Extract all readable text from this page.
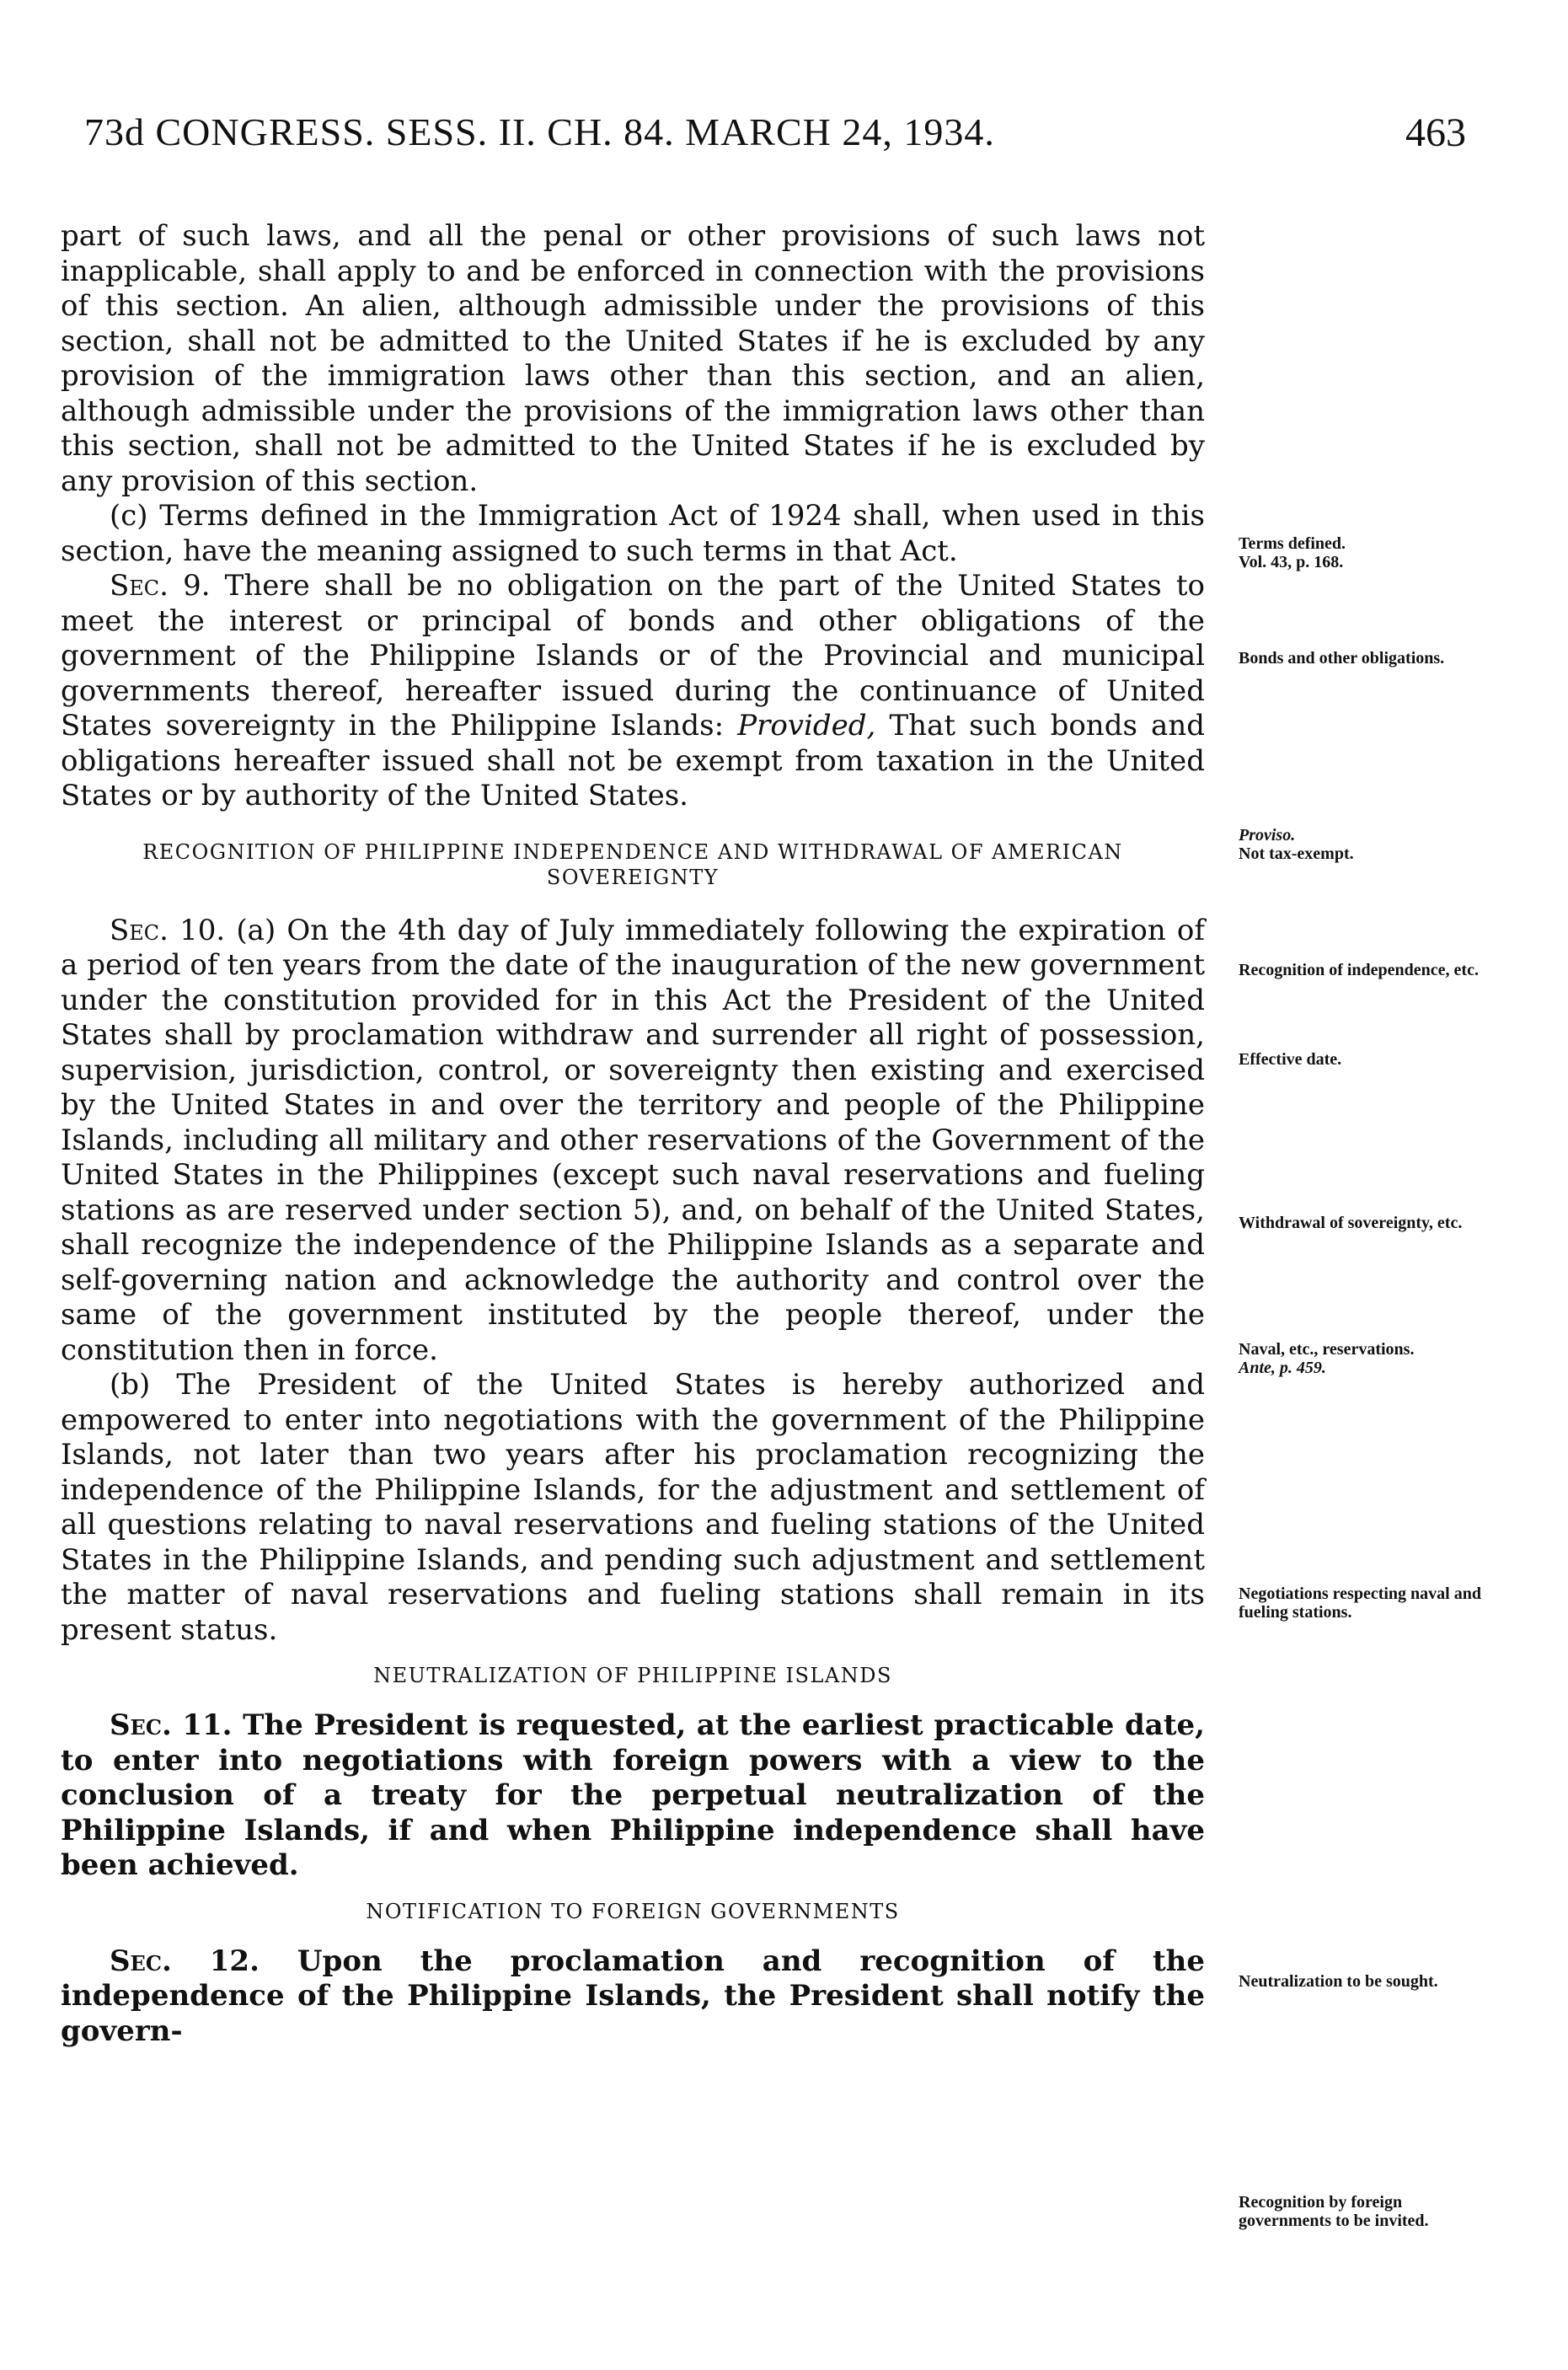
73d CONGRESS. SESS. II. CH. 84. MARCH 24, 1934.	463

part of such laws, and all the penal or other provisions of such laws not inapplicable, shall apply to and be enforced in connection with the provisions of this section. An alien, although admissible under the provisions of this section, shall not be admitted to the United States if he is excluded by any provision of the immigration laws other than this section, and an alien, although admissible under the provisions of the immigration laws other than this section, shall not be admitted to the United States if he is excluded by any provision of this section.

(c) Terms defined in the Immigration Act of 1924 shall, when used in this section, have the meaning assigned to such terms in that Act.

Sec. 9. There shall be no obligation on the part of the United States to meet the interest or principal of bonds and other obligations of the government of the Philippine Islands or of the Provincial and municipal governments thereof, hereafter issued during the continuance of United States sovereignty in the Philippine Islands: Provided, That such bonds and obligations hereafter issued shall not be exempt from taxation in the United States or by authority of the United States.

RECOGNITION OF PHILIPPINE INDEPENDENCE AND WITHDRAWAL OF AMERICAN SOVEREIGNTY

Sec. 10. (a) On the 4th day of July immediately following the expiration of a period of ten years from the date of the inauguration of the new government under the constitution provided for in this Act the President of the United States shall by proclamation withdraw and surrender all right of possession, supervision, jurisdiction, control, or sovereignty then existing and exercised by the United States in and over the territory and people of the Philippine Islands, including all military and other reservations of the Government of the United States in the Philippines (except such naval reservations and fueling stations as are reserved under section 5), and, on behalf of the United States, shall recognize the independence of the Philippine Islands as a separate and self-governing nation and acknowledge the authority and control over the same of the government instituted by the people thereof, under the constitution then in force.

(b) The President of the United States is hereby authorized and empowered to enter into negotiations with the government of the Philippine Islands, not later than two years after his proclamation recognizing the independence of the Philippine Islands, for the adjustment and settlement of all questions relating to naval reservations and fueling stations of the United States in the Philippine Islands, and pending such adjustment and settlement the matter of naval reservations and fueling stations shall remain in its present status.

NEUTRALIZATION OF PHILIPPINE ISLANDS

Sec. 11. The President is requested, at the earliest practicable date, to enter into negotiations with foreign powers with a view to the conclusion of a treaty for the perpetual neutralization of the Philippine Islands, if and when Philippine independence shall have been achieved.

NOTIFICATION TO FOREIGN GOVERNMENTS

Sec. 12. Upon the proclamation and recognition of the independence of the Philippine Islands, the President shall notify the govern-

Terms defined.
Vol. 43, p. 168.
Bonds and other obligations.
Proviso.
Not tax-exempt.
Recognition of independence, etc.
Effective date.
Withdrawal of sovereignty, etc.
Naval, etc., reservations.
Ante, p. 459.
Negotiations respecting naval and fueling stations.
Neutralization to be sought.
Recognition by foreign governments to be invited.
